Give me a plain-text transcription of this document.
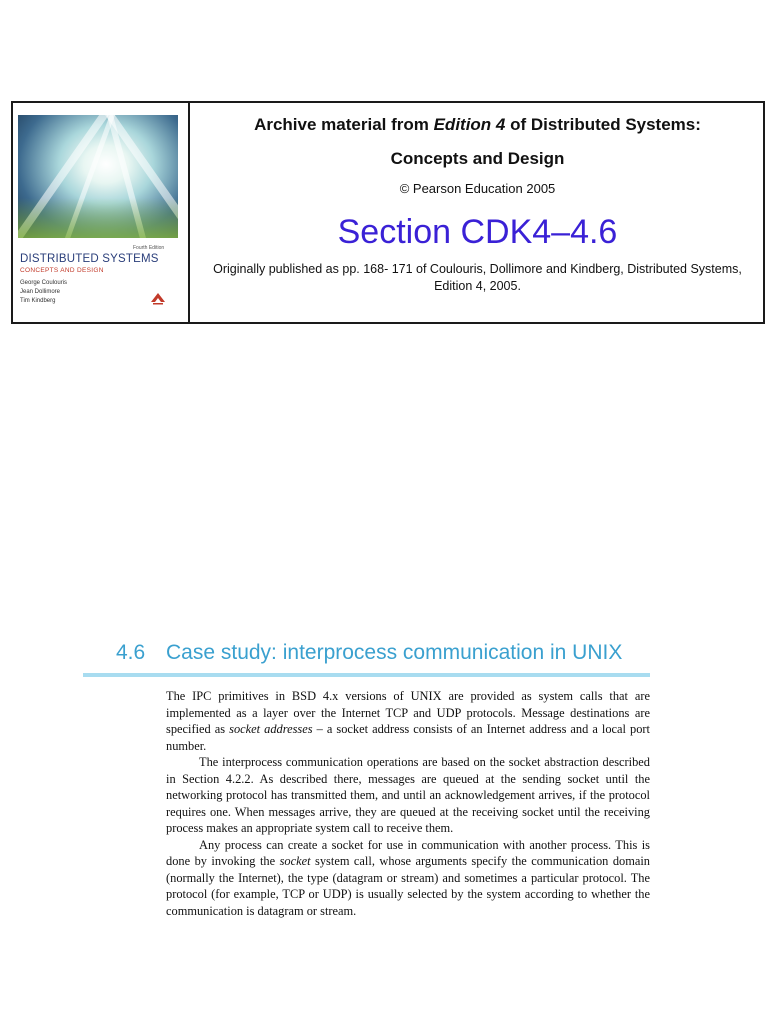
Fourth Edition
DISTRIBUTED SYSTEMS
CONCEPTS AND DESIGN
George Coulouris
Jean Dollimore
Tim Kindberg
Archive material from Edition 4 of Distributed Systems:
Concepts and Design
© Pearson Education 2005
Section CDK4–4.6
Originally published as pp. 168- 171 of Coulouris, Dollimore and Kindberg, Distributed Systems, Edition 4, 2005.
4.6 Case study: interprocess communication in UNIX

The IPC primitives in BSD 4.x versions of UNIX are provided as system calls that are implemented as a layer over the Internet TCP and UDP protocols. Message destinations are specified as socket addresses – a socket address consists of an Internet address and a local port number.

The interprocess communication operations are based on the socket abstraction described in Section 4.2.2. As described there, messages are queued at the sending socket until the networking protocol has transmitted them, and until an acknowledgement arrives, if the protocol requires one. When messages arrive, they are queued at the receiving socket until the receiving process makes an appropriate system call to receive them.

Any process can create a socket for use in communication with another process. This is done by invoking the socket system call, whose arguments specify the communication domain (normally the Internet), the type (datagram or stream) and sometimes a particular protocol. The protocol (for example, TCP or UDP) is usually selected by the system according to whether the communication is datagram or stream.
